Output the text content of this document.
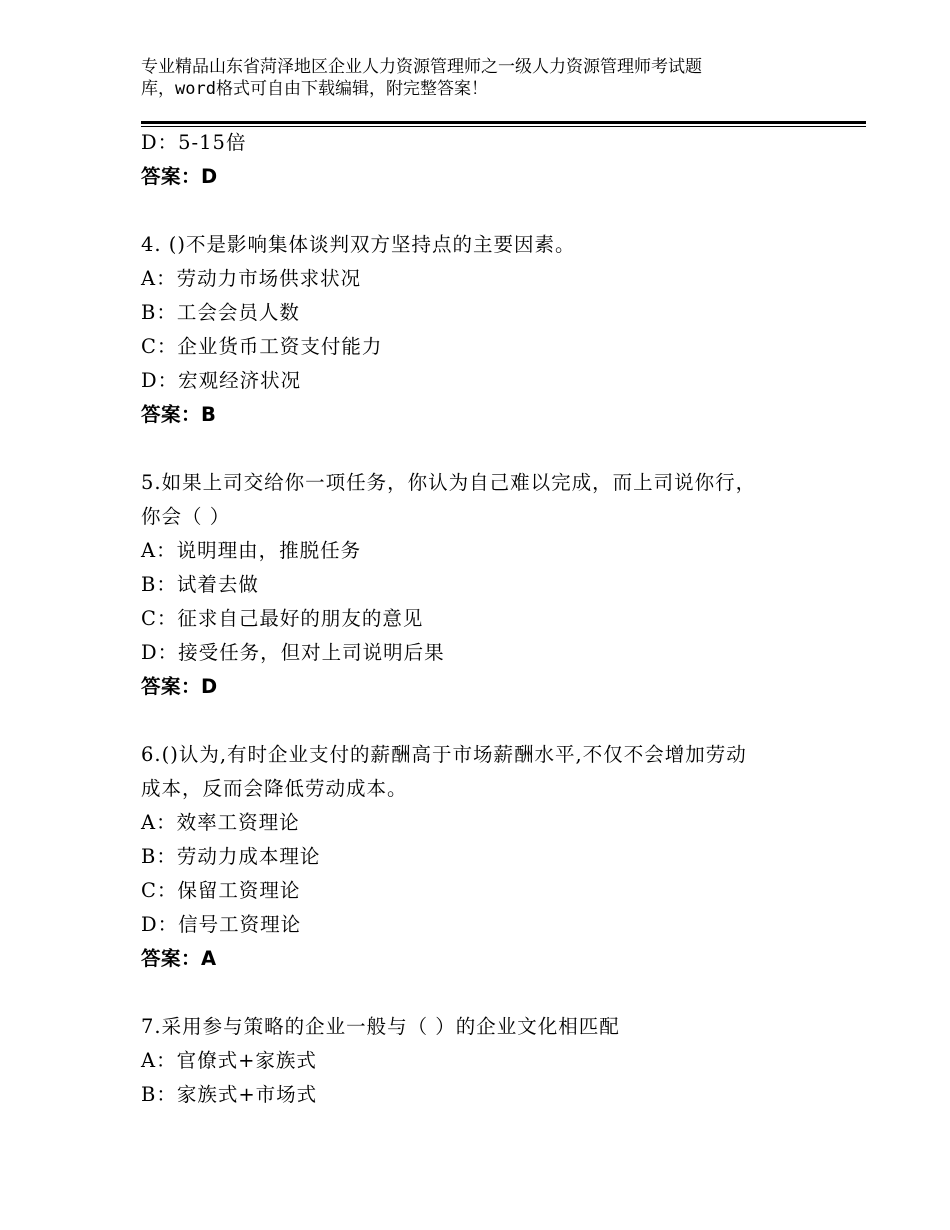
专业精品山东省菏泽地区企业人力资源管理师之一级人力资源管理师考试题
库，word格式可自由下载编辑，附完整答案！
D：5-15倍
答案：D
4. ()不是影响集体谈判双方坚持点的主要因素。
A：劳动力市场供求状况
B：工会会员人数
C：企业货币工资支付能力
D：宏观经济状况
答案：B
5.如果上司交给你一项任务，你认为自己难以完成，而上司说你行，
你会（ ）
A：说明理由，推脱任务
B：试着去做
C：征求自己最好的朋友的意见
D：接受任务，但对上司说明后果
答案：D
6.()认为,有时企业支付的薪酬高于市场薪酬水平,不仅不会增加劳动
成本，反而会降低劳动成本。
A：效率工资理论
B：劳动力成本理论
C：保留工资理论
D：信号工资理论
答案：A
7.采用参与策略的企业一般与（ ）的企业文化相匹配
A：官僚式+家族式
B：家族式+市场式
